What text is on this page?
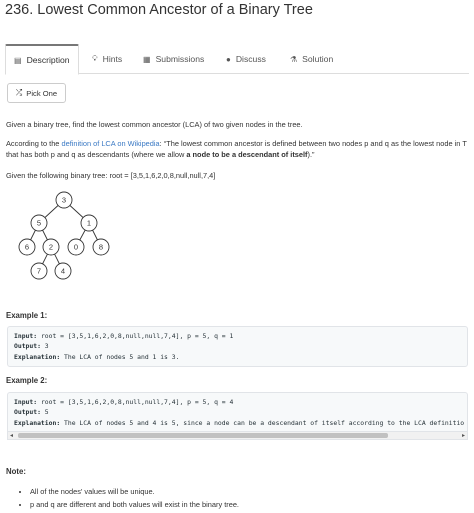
236. Lowest Common Ancestor of a Binary Tree
▤ Description	💡︎ Hints	▦ Submissions	● Discuss	⚗ Solution
⤮ Pick One
Given a binary tree, find the lowest common ancestor (LCA) of two given nodes in the tree.
According to the definition of LCA on Wikipedia: “The lowest common ancestor is defined between two nodes p and q as the lowest node in T that has both p and q as descendants (where we allow a node to be a descendant of itself).”
Given the following binary tree: root = [3,5,1,6,2,0,8,null,null,7,4]
3
5	1
6	2	0	8
7	4
Example 1:
Input: root = [3,5,1,6,2,0,8,null,null,7,4], p = 5, q = 1
Output: 3
Explanation: The LCA of nodes 5 and 1 is 3.
Example 2:
Input: root = [3,5,1,6,2,0,8,null,null,7,4], p = 5, q = 4
Output: 5
Explanation: The LCA of nodes 5 and 4 is 5, since a node can be a descendant of itself according to the LCA definitio
◂	▸
Note:
• All of the nodes' values will be unique.
• p and q are different and both values will exist in the binary tree.
